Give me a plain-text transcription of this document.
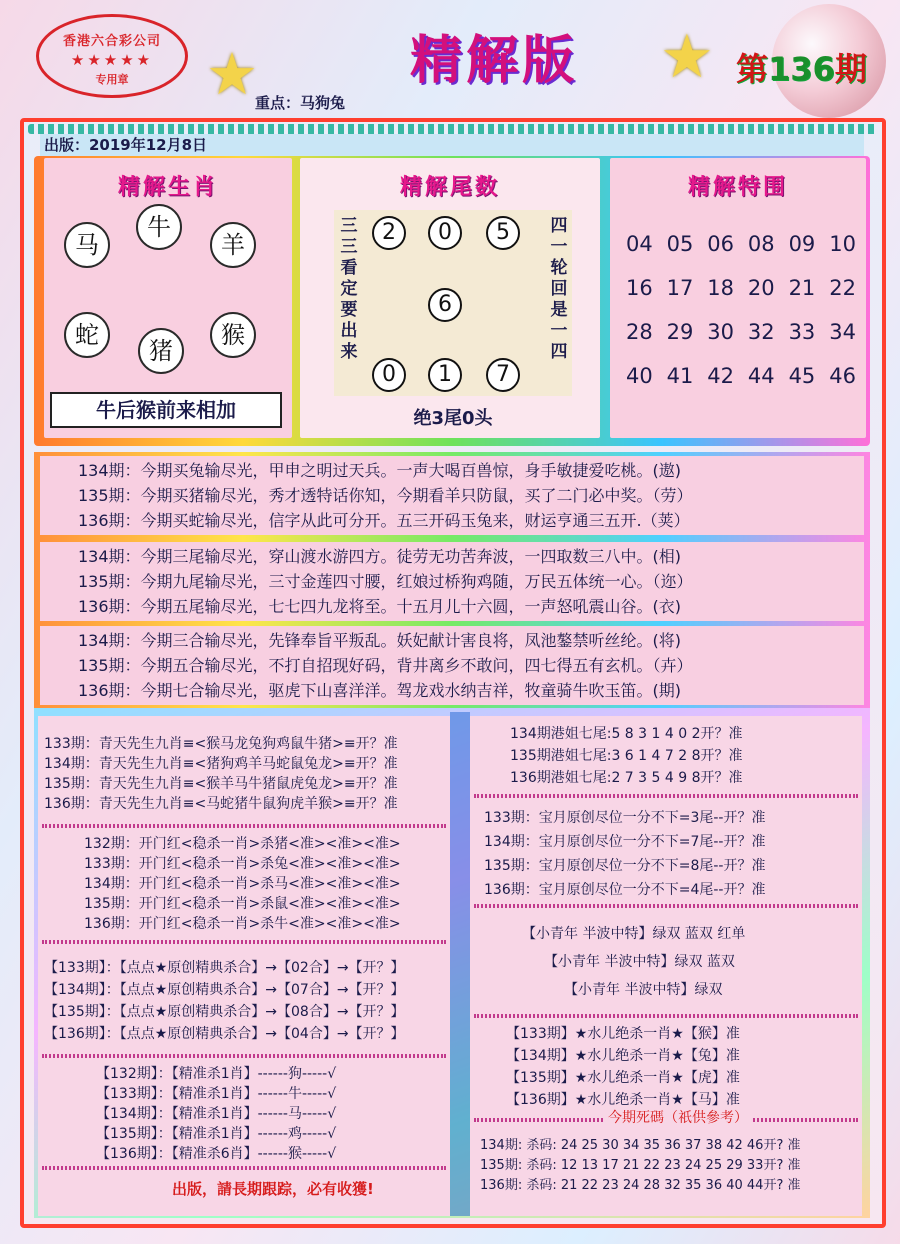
香港六合彩公司
★★★★★
专用章	★	★
精解版	第136期
重点：马狗兔
出版：2019年12月8日
精解生肖
马
牛
羊
蛇
猪
猴
牛后猴前来相加
精解尾数
三三看定要出来
四一轮回是一四
2	0	5
6
0	1	7
绝3尾0头
精解特围
04 05 06 08 09 10
16 17 18 20 21 22
28 29 30 32 33 34
40 41 42 44 45 46
134期：今期买兔输尽光，甲申之明过天兵。一声大喝百兽惊，身手敏捷爱吃桃。(遨)
135期：今期买猪输尽光，秀才透特话你知，今期看羊只防鼠，买了二门必中奖。（劳）
136期：今期买蛇输尽光，信字从此可分开。五三开码玉兔来，财运亨通三五开.（荚）
134期：今期三尾输尽光，穿山渡水游四方。徒劳无功苦奔波，一四取数三八中。(相)
135期：今期九尾输尽光，三寸金莲四寸腰，红娘过桥狗鸡随，万民五体统一心。（迩）
136期：今期五尾输尽光，七七四九龙将至。十五月儿十六圆，一声怒吼震山谷。(衣)
134期：今期三合输尽光，先锋奉旨平叛乱。妖妃献计害良将，凤池鏊禁听丝纶。(将)
135期：今期五合输尽光，不打自招现好码，背井离乡不敢问，四七得五有玄机。（卉）
136期：今期七合输尽光，驱虎下山喜洋洋。驾龙戏水纳吉祥，牧童骑牛吹玉笛。(期)
133期：青天先生九肖≡<猴马龙兔狗鸡鼠牛猪>≡开？准
134期：青天先生九肖≡<猪狗鸡羊马蛇鼠兔龙>≡开？准
135期：青天先生九肖≡<猴羊马牛猪鼠虎兔龙>≡开？准
136期：青天先生九肖≡<马蛇猪牛鼠狗虎羊猴>≡开？准
132期：开门红<稳杀一肖>杀猪<准><准><准>
133期：开门红<稳杀一肖>杀兔<准><准><准>
134期：开门红<稳杀一肖>杀马<准><准><准>
135期：开门红<稳杀一肖>杀鼠<准><准><准>
136期：开门红<稳杀一肖>杀牛<准><准><准>
【133期】：【点点★原创精典杀合】→【02合】→【开？】
【134期】：【点点★原创精典杀合】→【07合】→【开？】
【135期】：【点点★原创精典杀合】→【08合】→【开？】
【136期】：【点点★原创精典杀合】→【04合】→【开？】
【132期】：【精准杀1肖】------狗-----√
【133期】：【精准杀1肖】------牛-----√
【134期】：【精准杀1肖】------马-----√
【135期】：【精准杀1肖】------鸡-----√
【136期】：【精准杀6肖】------猴-----√
出版，請長期跟踪，必有收獲!
134期港姐七尾:5 8 3 1 4 0 2开？准
135期港姐七尾:3 6 1 4 7 2 8开？准
136期港姐七尾:2 7 3 5 4 9 8开？准
133期：宝月原创尽位一分不下=3尾--开？准
134期：宝月原创尽位一分不下=7尾--开？准
135期：宝月原创尽位一分不下=8尾--开？准
136期：宝月原创尽位一分不下=4尾--开？准
【小青年 半波中特】绿双 蓝双 红单
【小青年 半波中特】绿双 蓝双
【小青年 半波中特】绿双
【133期】★水儿绝杀一肖★【猴】准
【134期】★水儿绝杀一肖★【兔】准
【135期】★水儿绝杀一肖★【虎】准
【136期】★水儿绝杀一肖★【马】准
今期死碼（祇供參考）
134期: 杀码: 24 25 30 34 35 36 37 38 42 46开? 准
135期: 杀码: 12 13 17 21 22 23 24 25 29 33开? 准
136期: 杀码: 21 22 23 24 28 32 35 36 40 44开? 准
